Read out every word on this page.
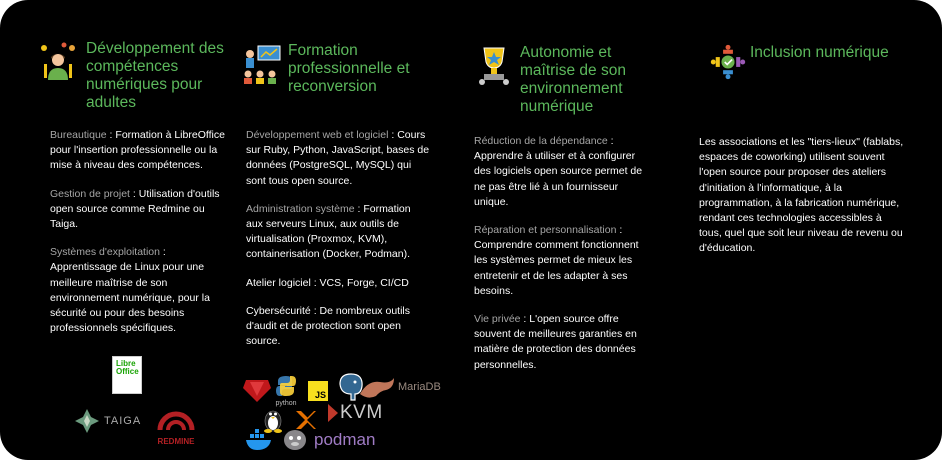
Développement des compétences numériques pour adultes

Bureautique : Formation à LibreOffice pour l'insertion professionnelle ou la mise à niveau des compétences.

Gestion de projet : Utilisation d'outils open source comme Redmine ou Taiga.

Systèmes d'exploitation : Apprentissage de Linux pour une meilleure maîtrise de son environnement numérique, pour la sécurité ou pour des besoins professionnels spécifiques.

Libre
Office
TAIGA
REDMINE
Formation professionnelle et reconversion

Développement web et logiciel : Cours sur Ruby, Python, JavaScript, bases de données (PostgreSQL, MySQL) qui sont tous open source.

Administration système : Formation aux serveurs Linux, aux outils de virtualisation (Proxmox, KVM), containerisation (Docker, Podman).

Atelier logiciel : VCS, Forge, CI/CD

Cybersécurité : De nombreux outils d'audit et de protection sont open source.

python
JS
MariaDB
KVM
podman
Autonomie et maîtrise de son environnement numérique

Réduction de la dépendance : Apprendre à utiliser et à configurer des logiciels open source permet de ne pas être lié à un fournisseur unique.

Réparation et personnalisation : Comprendre comment fonctionnent les systèmes permet de mieux les entretenir et de les adapter à ses besoins.

Vie privée : L'open source offre souvent de meilleures garanties en matière de protection des données personnelles.

Inclusion numérique

Les associations et les "tiers-lieux" (fablabs, espaces de coworking) utilisent souvent l'open source pour proposer des ateliers d'initiation à l'informatique, à la programmation, à la fabrication numérique, rendant ces technologies accessibles à tous, quel que soit leur niveau de revenu ou d'éducation.
